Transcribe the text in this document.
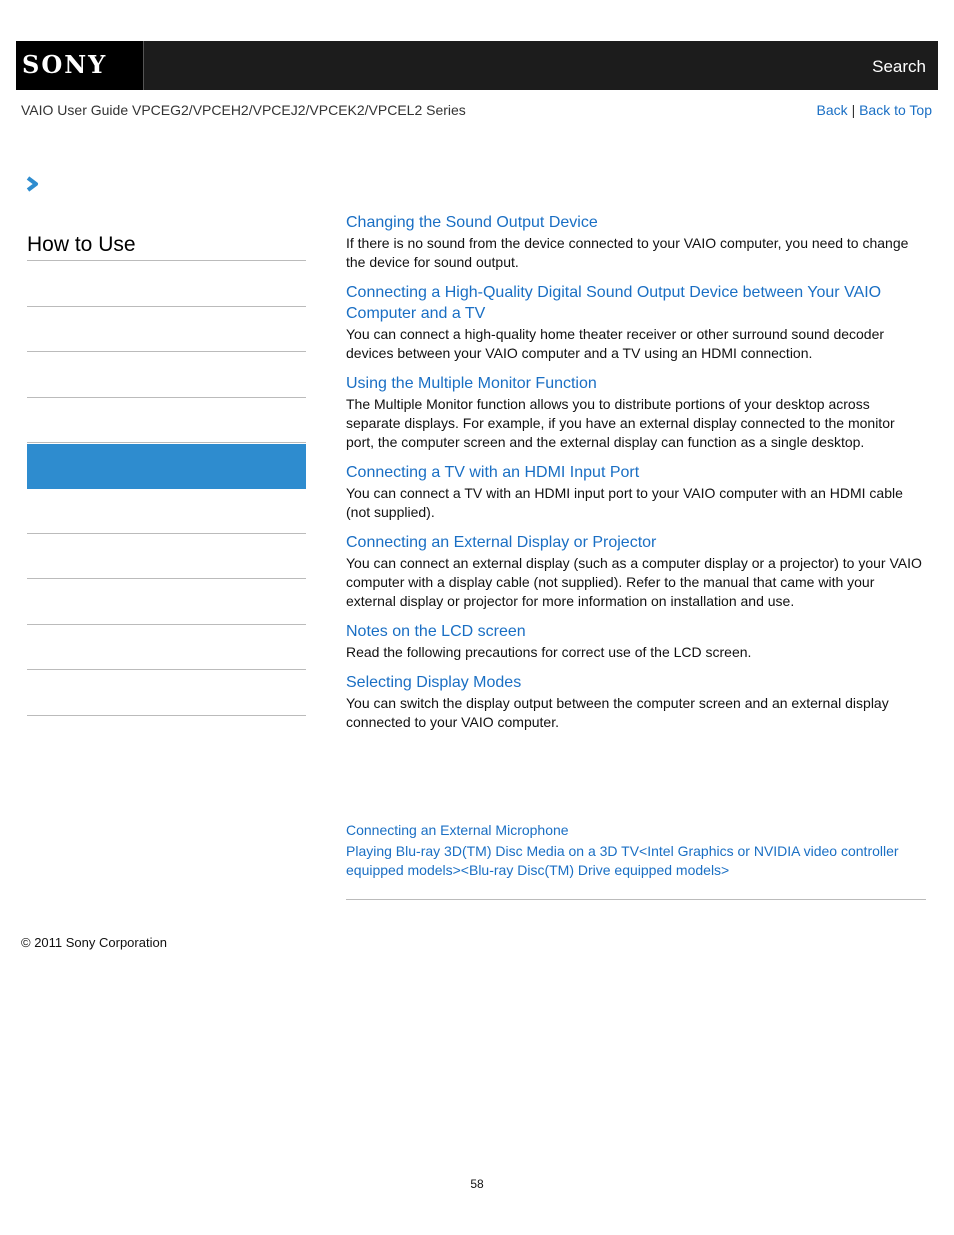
SONY	Search
VAIO User Guide VPCEG2/VPCEH2/VPCEJ2/VPCEK2/VPCEL2 Series	Back | Back to Top
How to Use
Changing the Sound Output Device
If there is no sound from the device connected to your VAIO computer, you need to change the device for sound output.
Connecting a High-Quality Digital Sound Output Device between Your VAIO Computer and a TV
You can connect a high-quality home theater receiver or other surround sound decoder devices between your VAIO computer and a TV using an HDMI connection.
Using the Multiple Monitor Function
The Multiple Monitor function allows you to distribute portions of your desktop across separate displays. For example, if you have an external display connected to the monitor port, the computer screen and the external display can function as a single desktop.
Connecting a TV with an HDMI Input Port
You can connect a TV with an HDMI input port to your VAIO computer with an HDMI cable (not supplied).
Connecting an External Display or Projector
You can connect an external display (such as a computer display or a projector) to your VAIO computer with a display cable (not supplied). Refer to the manual that came with your external display or projector for more information on installation and use.
Notes on the LCD screen
Read the following precautions for correct use of the LCD screen.
Selecting Display Modes
You can switch the display output between the computer screen and an external display connected to your VAIO computer.
Connecting an External Microphone
Playing Blu-ray 3D(TM) Disc Media on a 3D TV<Intel Graphics or NVIDIA video controller equipped models><Blu-ray Disc(TM) Drive equipped models>
© 2011 Sony Corporation
58
